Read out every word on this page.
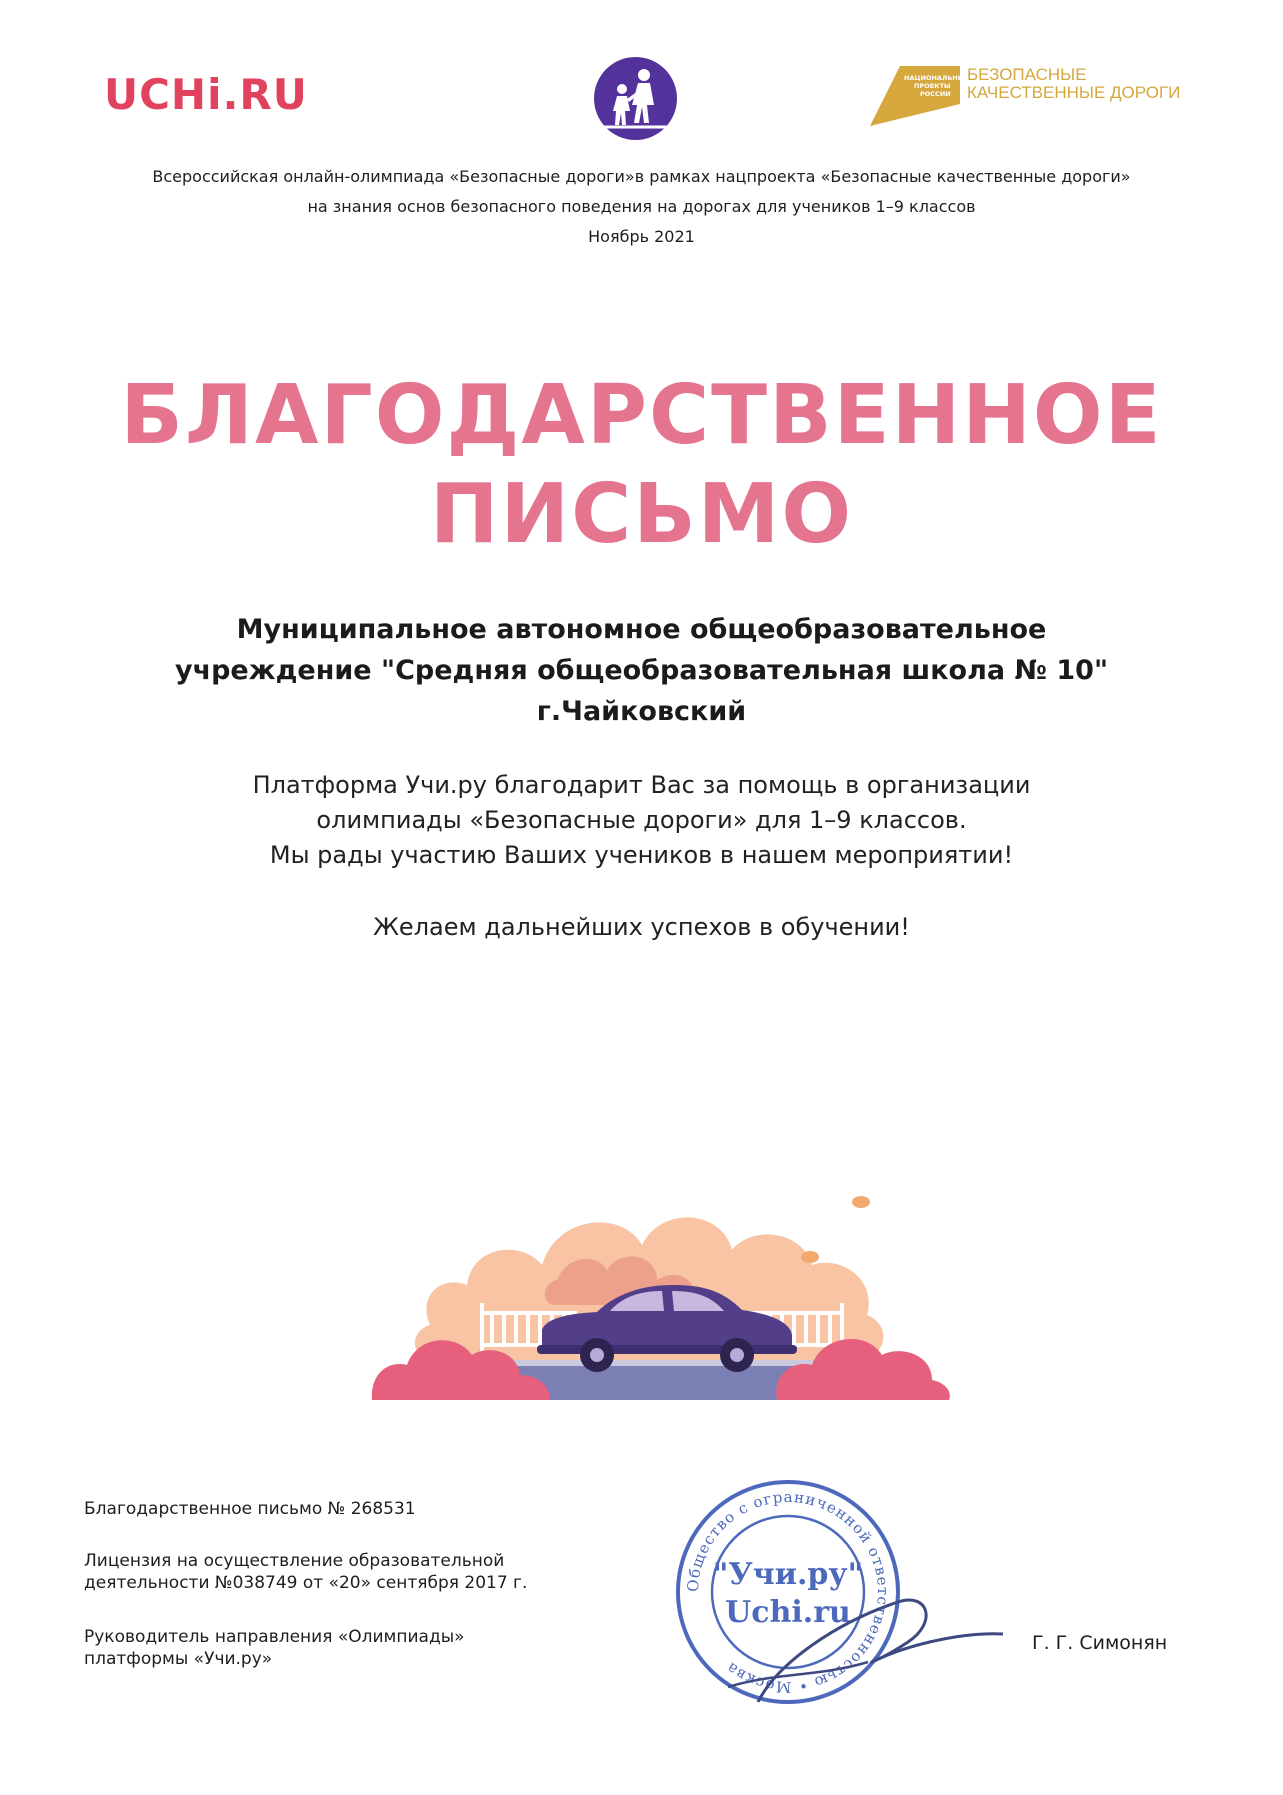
UCHi.RU	НАЦИОНАЛЬНЫЕ
ПРОЕКТЫ
РОССИИ
БЕЗОПАСНЫЕ
КАЧЕСТВЕННЫЕ ДОРОГИ
Всероссийская онлайн-олимпиада «Безопасные дороги»в рамках нацпроекта «Безопасные качественные дороги»
на знания основ безопасного поведения на дорогах для учеников 1–9 классов
Ноябрь 2021
БЛАГОДАРСТВЕННОЕ
ПИСЬМО
Муниципальное автономное общеобразовательное учреждение "Средняя общеобразовательная школа № 10" г.Чайковский
Платформа Учи.ру благодарит Вас за помощь в организации
олимпиады «Безопасные дороги» для 1–9 классов.
Мы рады участию Ваших учеников в нашем мероприятии!
Желаем дальнейших успехов в обучении!
Благодарственное письмо № 268531
Лицензия на осуществление образовательной
деятельности №038749 от «20» сентября 2017 г.
Руководитель направления «Олимпиады»
платформы «Учи.ру»
Общество с ограниченной ответственностью • Москва
"Учи.ру"
Uchi.ru
Г. Г. Симонян
